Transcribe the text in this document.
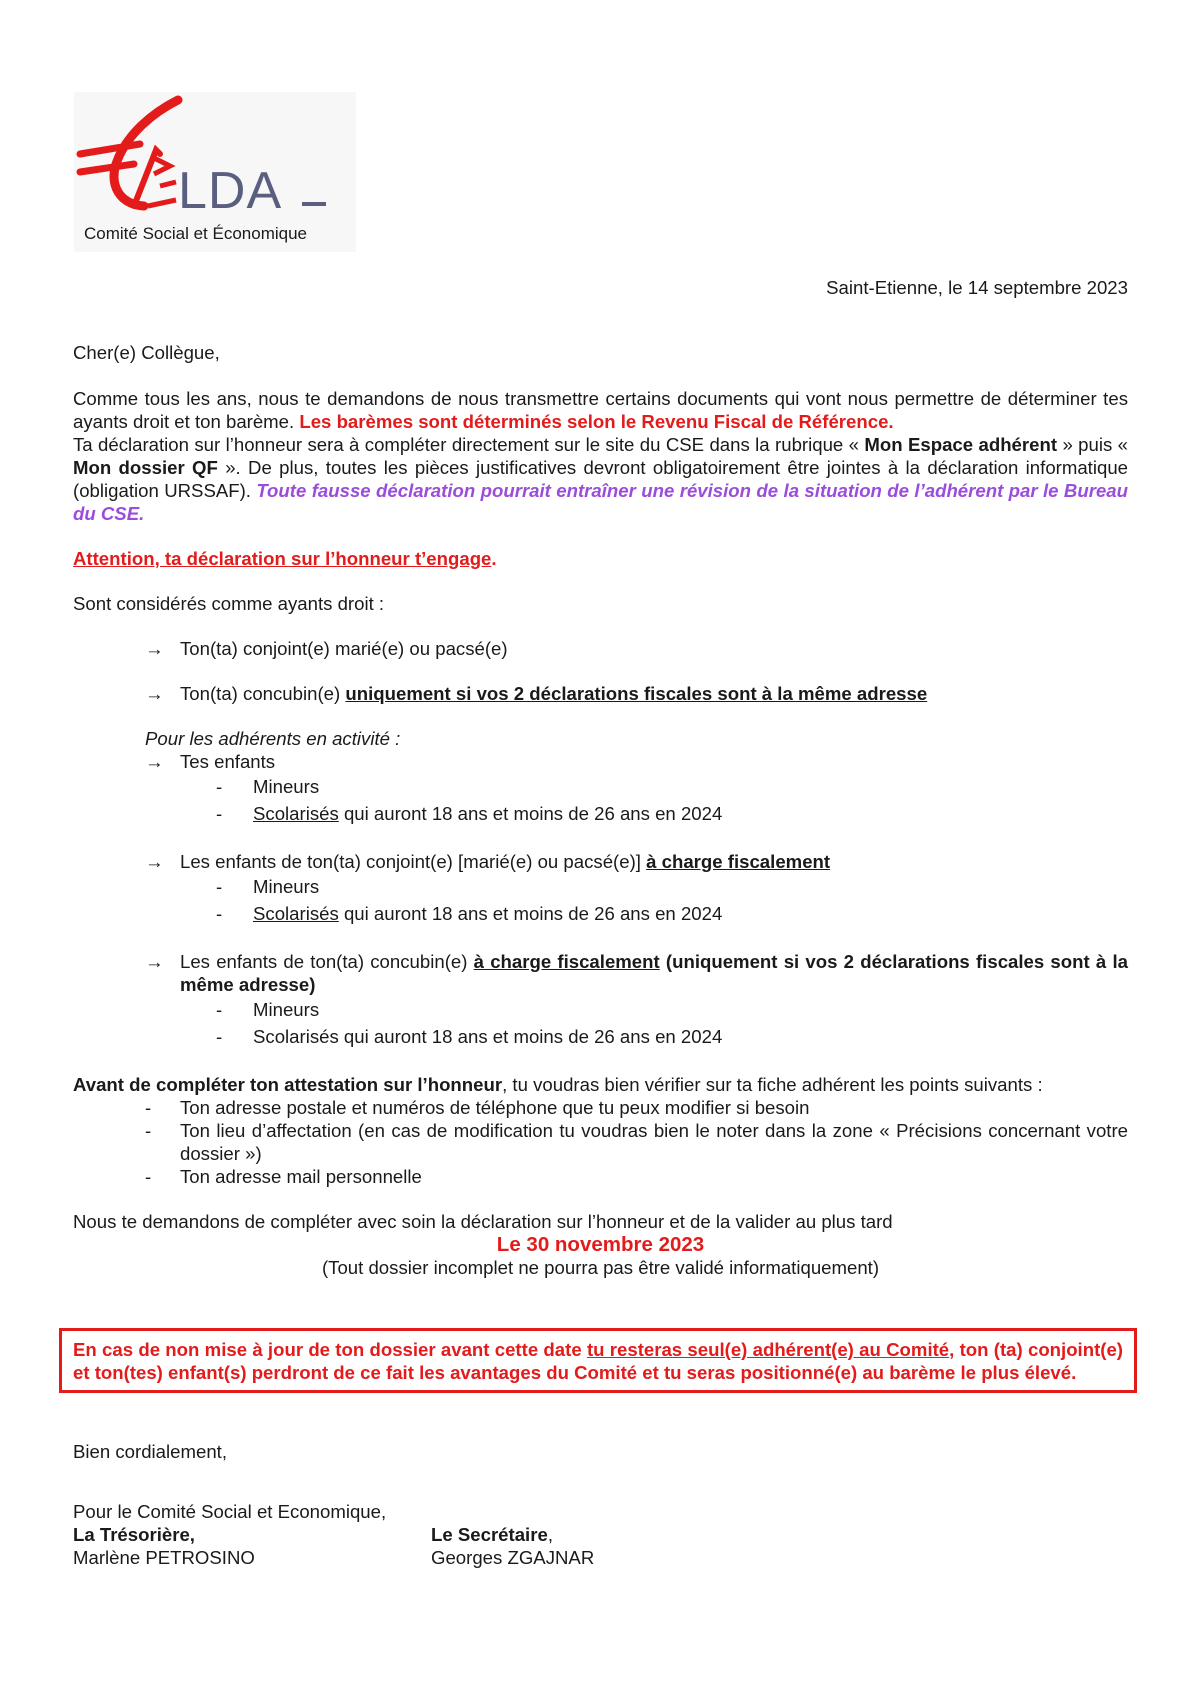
LDA
Comité Social et Économique
Saint-Etienne, le 14 septembre 2023

Cher(e) Collègue,

Comme tous les ans, nous te demandons de nous transmettre certains documents qui vont nous permettre de déterminer tes ayants droit et ton barème. Les barèmes sont déterminés selon le Revenu Fiscal de Référence.
Ta déclaration sur l’honneur sera à compléter directement sur le site du CSE dans la rubrique « Mon Espace adhérent » puis « Mon dossier QF ». De plus, toutes les pièces justificatives devront obligatoirement être jointes à la déclaration informatique (obligation URSSAF). Toute fausse déclaration pourrait entraîner une révision de la situation de l’adhérent par le Bureau du CSE.

Attention, ta déclaration sur l’honneur t’engage.

Sont considérés comme ayants droit :

→ Ton(ta) conjoint(e) marié(e) ou pacsé(e)
→ Ton(ta) concubin(e) uniquement si vos 2 déclarations fiscales sont à la même adresse

Pour les adhérents en activité :

→ Tes enfants
- Mineurs
- Scolarisés qui auront 18 ans et moins de 26 ans en 2024
→ Les enfants de ton(ta) conjoint(e) [marié(e) ou pacsé(e)] à charge fiscalement
- Mineurs
- Scolarisés qui auront 18 ans et moins de 26 ans en 2024
→ Les enfants de ton(ta) concubin(e) à charge fiscalement (uniquement si vos 2 déclarations fiscales sont à la même adresse)
- Mineurs
- Scolarisés qui auront 18 ans et moins de 26 ans en 2024

Avant de compléter ton attestation sur l’honneur, tu voudras bien vérifier sur ta fiche adhérent les points suivants :

- Ton adresse postale et numéros de téléphone que tu peux modifier si besoin
- Ton lieu d’affectation (en cas de modification tu voudras bien le noter dans la zone « Précisions concernant votre dossier »)
- Ton adresse mail personnelle

Nous te demandons de compléter avec soin la déclaration sur l’honneur et de la valider au plus tard

Le 30 novembre 2023

(Tout dossier incomplet ne pourra pas être validé informatiquement)

En cas de non mise à jour de ton dossier avant cette date tu resteras seul(e) adhérent(e) au Comité, ton (ta) conjoint(e) et ton(tes) enfant(s) perdront de ce fait les avantages du Comité et tu seras positionné(e) au barème le plus élevé.
Bien cordialement,
Pour le Comité Social et Economique,
La Trésorière,
Marlène PETROSINO
Le Secrétaire,
Georges ZGAJNAR
